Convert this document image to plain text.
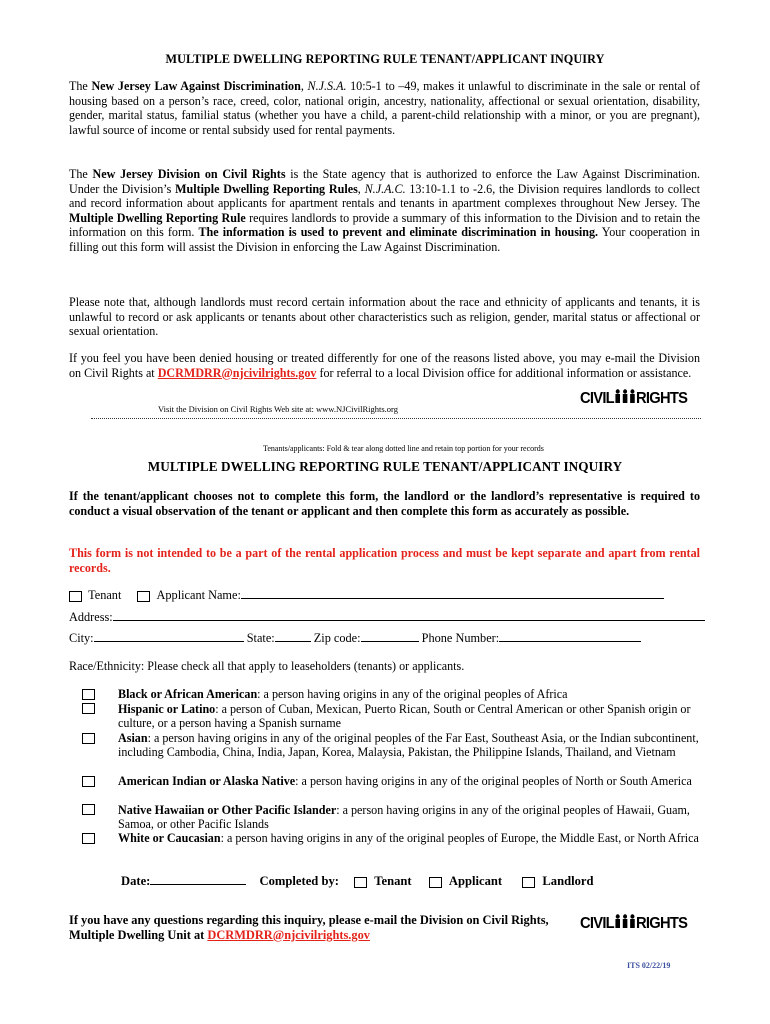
MULTIPLE DWELLING REPORTING RULE TENANT/APPLICANT INQUIRY
The New Jersey Law Against Discrimination, N.J.S.A. 10:5-1 to –49, makes it unlawful to discriminate in the sale or rental of housing based on a person’s race, creed, color, national origin, ancestry, nationality, affectional or sexual orientation, disability, gender, marital status, familial status (whether you have a child, a parent-child relationship with a minor, or you are pregnant), lawful source of income or rental subsidy used for rental payments.
The New Jersey Division on Civil Rights is the State agency that is authorized to enforce the Law Against Discrimination. Under the Division’s Multiple Dwelling Reporting Rules, N.J.A.C. 13:10-1.1 to -2.6, the Division requires landlords to collect and record information about applicants for apartment rentals and tenants in apartment complexes throughout New Jersey. The Multiple Dwelling Reporting Rule requires landlords to provide a summary of this information to the Division and to retain the information on this form. The information is used to prevent and eliminate discrimination in housing. Your cooperation in filling out this form will assist the Division in enforcing the Law Against Discrimination.
Please note that, although landlords must record certain information about the race and ethnicity of applicants and tenants, it is unlawful to record or ask applicants or tenants about other characteristics such as religion, gender, marital status or affectional or sexual orientation.
If you feel you have been denied housing or treated differently for one of the reasons listed above, you may e-mail the Division on Civil Rights at DCRMDRR@njcivilrights.gov for referral to a local Division office for additional information or assistance.
Visit the Division on Civil Rights Web site at: www.NJCivilRights.org
CIVIL RIGHTS
Tenants/applicants: Fold & tear along dotted line and retain top portion for your records
MULTIPLE DWELLING REPORTING RULE TENANT/APPLICANT INQUIRY
If the tenant/applicant chooses not to complete this form, the landlord or the landlord’s representative is required to conduct a visual observation of the tenant or applicant and then complete this form as accurately as possible.
This form is not intended to be a part of the rental application process and must be kept separate and apart from rental records.
Tenant	Applicant Name:
Address:
City:	State:	Zip code:	Phone Number:
Race/Ethnicity: Please check all that apply to leaseholders (tenants) or applicants.
Black or African American: a person having origins in any of the original peoples of Africa
Hispanic or Latino: a person of Cuban, Mexican, Puerto Rican, South or Central American or other Spanish origin or culture, or a person having a Spanish surname
Asian: a person having origins in any of the original peoples of the Far East, Southeast Asia, or the Indian subcontinent, including Cambodia, China, India, Japan, Korea, Malaysia, Pakistan, the Philippine Islands, Thailand, and Vietnam
American Indian or Alaska Native: a person having origins in any of the original peoples of North or South America
Native Hawaiian or Other Pacific Islander: a person having origins in any of the original peoples of Hawaii, Guam, Samoa, or other Pacific Islands
White or Caucasian: a person having origins in any of the original peoples of Europe, the Middle East, or North Africa
Date:	Completed by:	Tenant	Applicant	Landlord
If you have any questions regarding this inquiry, please e-mail the Division on Civil Rights, Multiple Dwelling Unit at DCRMDRR@njcivilrights.gov
CIVIL RIGHTS
ITS 02/22/19
